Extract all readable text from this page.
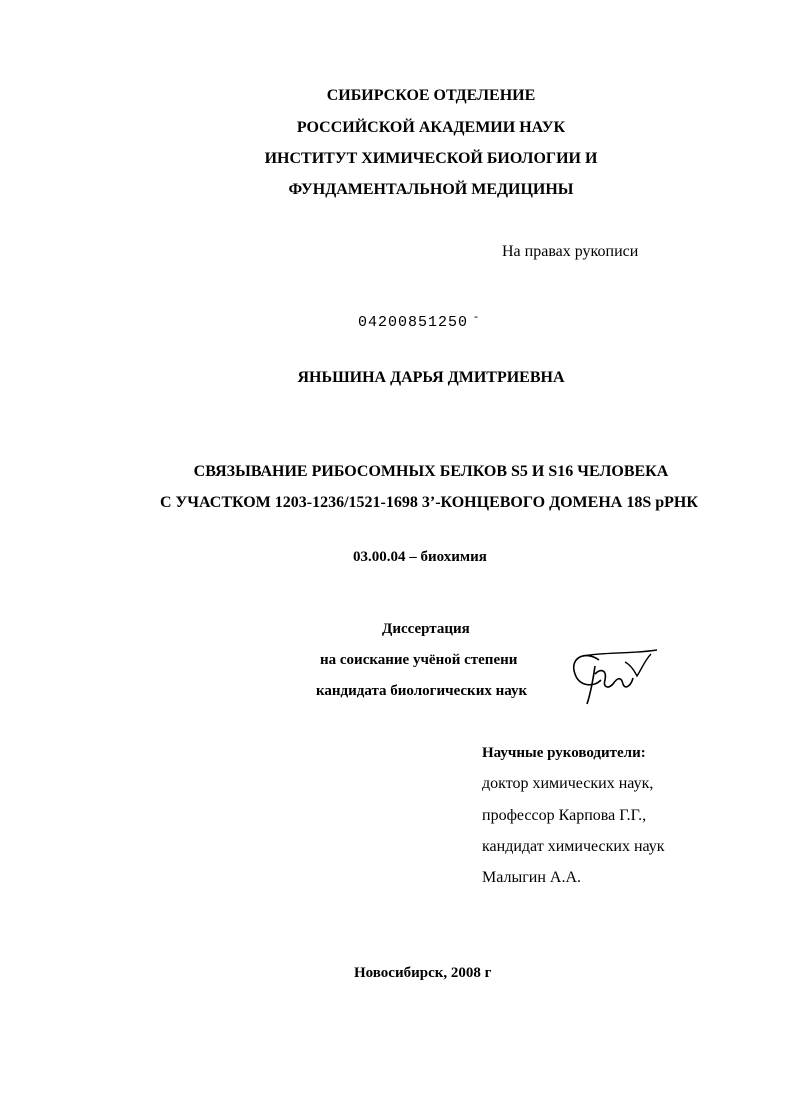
СИБИРСКОЕ ОТДЕЛЕНИЕ
РОССИЙСКОЙ АКАДЕМИИ НАУК
ИНСТИТУТ ХИМИЧЕСКОЙ БИОЛОГИИ И
ФУНДАМЕНТАЛЬНОЙ МЕДИЦИНЫ
На правах рукописи
04200851250 -
ЯНЬШИНА ДАРЬЯ ДМИТРИЕВНА
СВЯЗЫВАНИЕ РИБОСОМНЫХ БЕЛКОВ S5 И S16 ЧЕЛОВЕКА
С УЧАСТКОМ 1203-1236/1521-1698 3’-КОНЦЕВОГО ДОМЕНА 18S рРНК
03.00.04 – биохимия
Диссертация
на соискание учёной степени
кандидата биологических наук
Научные руководители:
доктор химических наук,
профессор Карпова Г.Г.,
кандидат химических наук
Малыгин А.А.
Новосибирск, 2008 г
